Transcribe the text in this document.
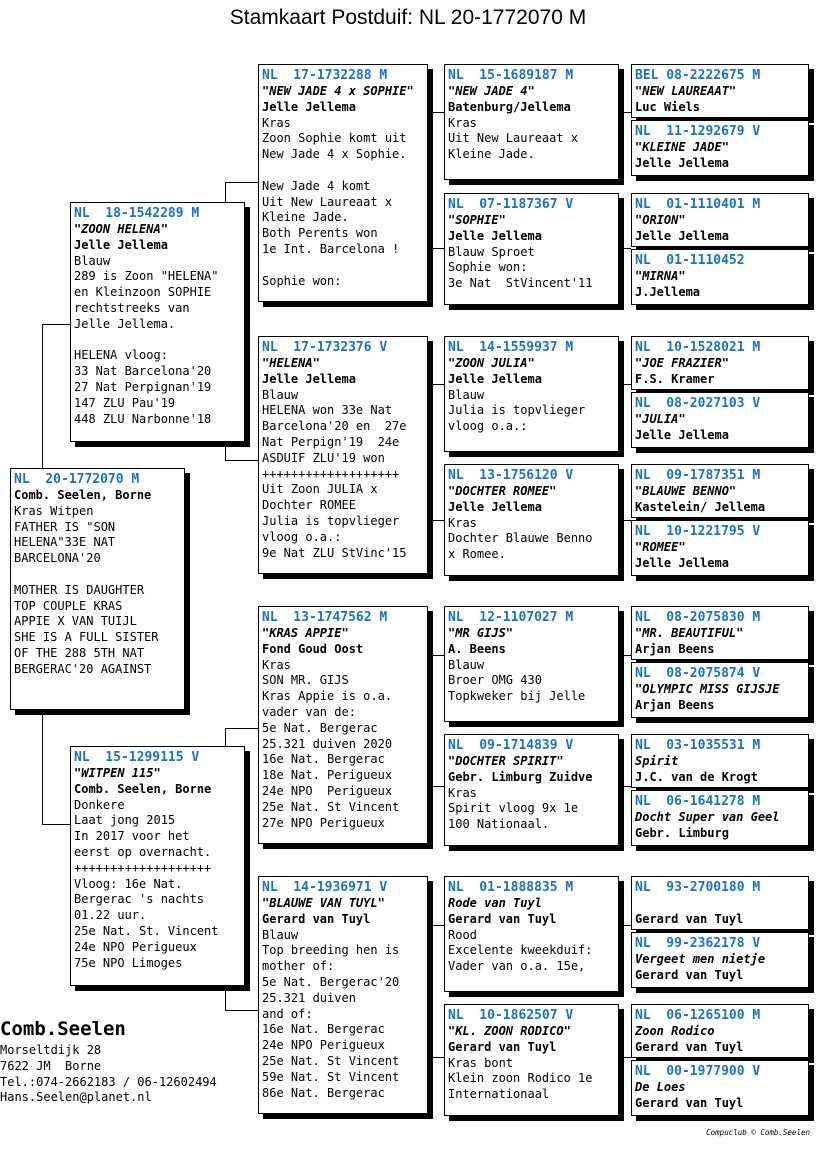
Stamkaart Postduif: NL 20-1772070 M
NL  20-1772070 M
Comb. Seelen, Borne
Kras Witpen
FATHER IS "SON
HELENA"33E NAT
BARCELONA'20

MOTHER IS DAUGHTER
TOP COUPLE KRAS
APPIE X VAN TUIJL
SHE IS A FULL SISTER
OF THE 288 5TH NAT
BERGERAC'20 AGAINST
NL  18-1542289 M
"ZOON HELENA"
Jelle Jellema
Blauw
289 is Zoon "HELENA"
en Kleinzoon SOPHIE
rechtstreeks van
Jelle Jellema.

HELENA vloog:
33 Nat Barcelona'20
27 Nat Perpignan'19
147 ZLU Pau'19
448 ZLU Narbonne'18
NL  15-1299115 V
"WITPEN 115"
Comb. Seelen, Borne
Donkere
Laat jong 2015
In 2017 voor het
eerst op overnacht.
+++++++++++++++++++
Vloog: 16e Nat.
Bergerac 's nachts
01.22 uur.
25e Nat. St. Vincent
24e NPO Perigueux
75e NPO Limoges
NL  17-1732288 M
"NEW JADE 4 x SOPHIE"
Jelle Jellema
Kras
Zoon Sophie komt uit
New Jade 4 x Sophie.

New Jade 4 komt
Uit New Laureaat x
Kleine Jade.
Both Perents won
1e Int. Barcelona !

Sophie won:
NL  17-1732376 V
"HELENA"
Jelle Jellema
Blauw
HELENA won 33e Nat
Barcelona'20 en  27e
Nat Perpign'19  24e
ASDUIF ZLU'19 won
+++++++++++++++++++
Uit Zoon JULIA x
Dochter ROMEE
Julia is topvlieger
vloog o.a.:
9e Nat ZLU StVinc'15
NL  13-1747562 M
"KRAS APPIE"
Fond Goud Oost
Kras
SON MR. GIJS
Kras Appie is o.a.
vader van de:
5e Nat. Bergerac
25.321 duiven 2020
16e Nat. Bergerac
18e Nat. Perigueux
24e NPO  Perigueux
25e Nat. St Vincent
27e NPO Perigueux
NL  14-1936971 V
"BLAUWE VAN TUYL"
Gerard van Tuyl
Blauw
Top breeding hen is
mother of:
5e Nat. Bergerac'20
25.321 duiven
and of:
16e Nat. Bergerac
24e NPO Perigueux
25e Nat. St Vincent
59e Nat. St Vincent
86e Nat. Bergerac
NL  15-1689187 M
"NEW JADE 4"
Batenburg/Jellema
Kras
Uit New Laureaat x
Kleine Jade.
NL  07-1187367 V
"SOPHIE"
Jelle Jellema
Blauw Sproet
Sophie won:
3e Nat  StVincent'11
NL  14-1559937 M
"ZOON JULIA"
Jelle Jellema
Blauw
Julia is topvlieger
vloog o.a.:
NL  13-1756120 V
"DOCHTER ROMEE"
Jelle Jellema
Kras
Dochter Blauwe Benno
x Romee.
NL  12-1107027 M
"MR GIJS"
A. Beens
Blauw
Broer OMG 430
Topkweker bij Jelle
NL  09-1714839 V
"DOCHTER SPIRIT"
Gebr. Limburg Zuidve
Kras
Spirit vloog 9x 1e
100 Nationaal.
NL  01-1888835 M
Rode van Tuyl
Gerard van Tuyl
Rood
Excelente kweekduif:
Vader van o.a. 15e,
NL  10-1862507 V
"KL. ZOON RODICO"
Gerard van Tuyl
Kras bont
Klein zoon Rodico 1e
Internationaal
BEL 08-2222675 M
"NEW LAUREAAT"
Luc Wiels
NL  11-1292679 V
"KLEINE JADE"
Jelle Jellema
NL  01-1110401 M
"ORION"
Jelle Jellema
NL  01-1110452
"MIRNA"
J.Jellema
NL  10-1528021 M
"JOE FRAZIER"
F.S. Kramer
NL  08-2027103 V
"JULIA"
Jelle Jellema
NL  09-1787351 M
"BLAUWE BENNO"
Kastelein/ Jellema
NL  10-1221795 V
"ROMEE"
Jelle Jellema
NL  08-2075830 M
"MR. BEAUTIFUL"
Arjan Beens
NL  08-2075874 V
"OLYMPIC MISS GIJSJE
Arjan Beens
NL  03-1035531 M
Spirit
J.C. van de Krogt
NL  06-1641278 M
Docht Super van Geel
Gebr. Limburg
NL  93-2700180 M

Gerard van Tuyl
NL  99-2362178 V
Vergeet men nietje
Gerard van Tuyl
NL  06-1265100 M
Zoon Rodico
Gerard van Tuyl
NL  00-1977900 V
De Loes
Gerard van Tuyl
Comb.Seelen
Morseltdijk 28
7622 JM  Borne
Tel.:074-2662183 / 06-12602494
Hans.Seelen@planet.nl
Compuclub © Comb.Seelen
